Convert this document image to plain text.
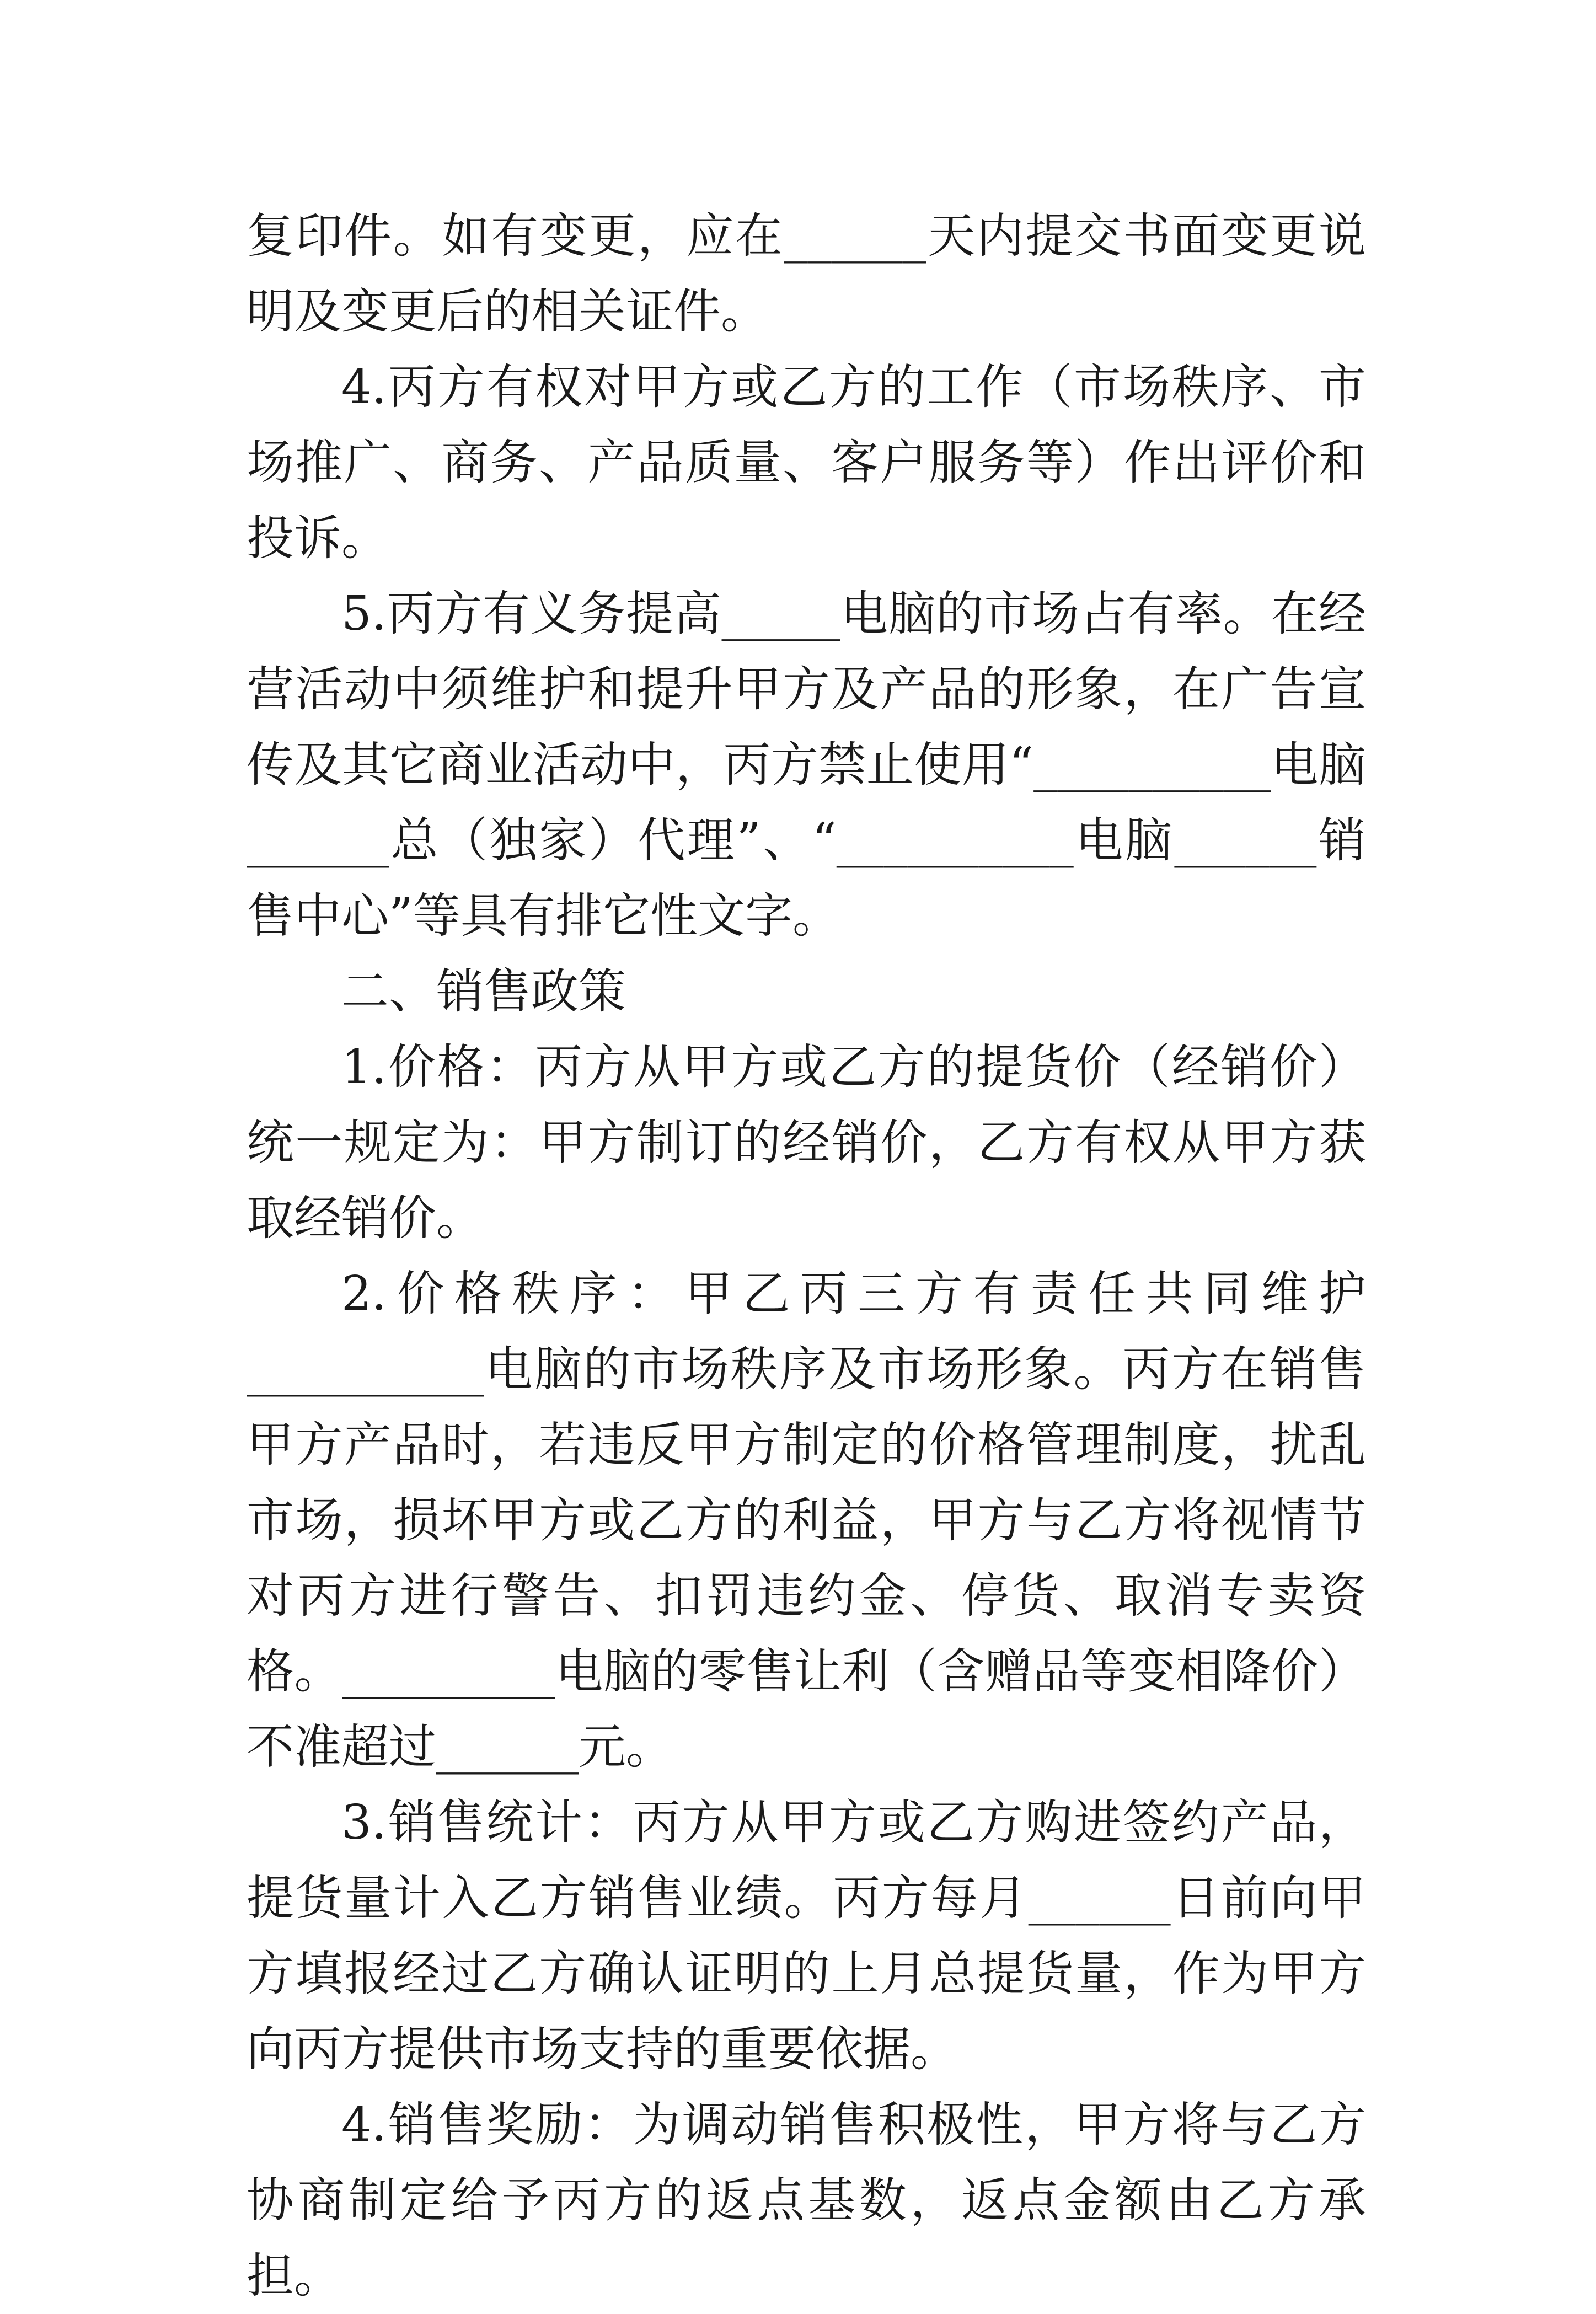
复印件。如有变更，应在______天内提交书面变更说明及变更后的相关证件。

4.丙方有权对甲方或乙方的工作（市场秩序、市场推广、商务、产品质量、客户服务等）作出评价和投诉。

5.丙方有义务提高_____电脑的市场占有率。在经营活动中须维护和提升甲方及产品的形象，在广告宣传及其它商业活动中，丙方禁止使用“__________电脑______总（独家）代理”、“__________电脑______销售中心”等具有排它性文字。

二、销售政策

1.价格：丙方从甲方或乙方的提货价（经销价）统一规定为：甲方制订的经销价，乙方有权从甲方获取经销价。

2.价格秩序：甲乙丙三方有责任共同维护__________电脑的市场秩序及市场形象。丙方在销售甲方产品时，若违反甲方制定的价格管理制度，扰乱市场，损坏甲方或乙方的利益，甲方与乙方将视情节对丙方进行警告、扣罚违约金、停货、取消专卖资格。_________电脑的零售让利（含赠品等变相降价）不准超过______元。

3.销售统计：丙方从甲方或乙方购进签约产品，提货量计入乙方销售业绩。丙方每月______日前向甲方填报经过乙方确认证明的上月总提货量，作为甲方向丙方提供市场支持的重要依据。

4.销售奖励：为调动销售积极性，甲方将与乙方协商制定给予丙方的返点基数，返点金额由乙方承担。
